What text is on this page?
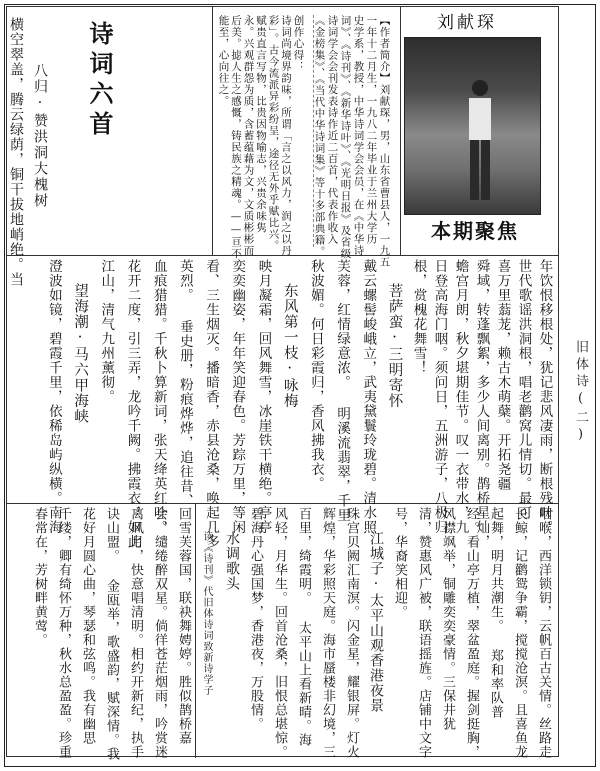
刘献琛
诗词六首
八归·赞洪洞大槐树
横空翠盖，腾云绿荫，铜干拔地峭绝。当	【作者简介】刘献琛，男，山东省曹县人，一九五
一年十二月生，一九八二年毕业于兰州大学历
史学系，教授，中华诗词学会会员，在《中华诗
词》、《诗刊》、《新华诗叶》、《光明日报》及省级
诗词学会会刊发表诗作近二百首，代表作收入
《金榜集》、《当代中华诗词集》等十多部典籍。
创作心得：
诗词尚境界韵味，所谓「言之以风力，润之以丹
彩」。古今流派异彩纷呈，途径无外乎赋比兴。
赋贵直言写物，比贵因物喻志，兴贵余味隽
永。兴观群怨为质，含蓄蕴藉为文，文质彬彬而
后美。摅人生之感慨，铸民族之精魂。——亘不
能至，心向往之。
年饮恨移根处，犹记悲风凄雨，断根残叶。
世代歌谣洪洞根，唱老鹳窝儿情切。最可
喜万里蓊茏，赖古木萌蘖。开拓尧疆
舜域，转蓬飘絮，多少人间离别。鹊桥星灿，
蟾宫月朗，秋夕堪期佳节。叹一衣带水，九
日登高海门咽。须问日，五洲游子，八极归
根，赏槐花舞雪！
菩萨蛮·三明寄怀
戴云螺髻峻峨立，武夷黛鬟玲珑碧。清水照
芙蓉，红情绿意浓。 明溪流翡翠，千里
秋波媚。何日彩霞归，香风拂我衣。
东风第一枝·咏梅
映月凝霜，回风舞雪，冰崖铁干横绝。亭亭
奕奕幽姿，年年笑迎春色。芳踪万里，等闲
看、三生烟灭。播暗香，赤县沧桑，唤起几多
英烈。 垂史册，粉痕烨烨，追往昔、
血痕猎猎。千秋卜算新词，张天绛英红叶。
花开二度，引三弄，龙吟千阙。拂霞衣，如此
江山，清气九州薰彻。
望海潮·马六甲海峡
澄波如镜，碧霞千里，依稀岛屿纵横。南海
咽喉，西洋锁钥，云帆百古关情。丝路走
长鲸，记鹳鸳争霸，搅搅沧溟。且喜鱼龙
起舞，明月共潮生。 郑和率队普
经。看山亭万植，翠盆盈庭。握剑挺胸，
风襟飒举，铜雕奕奕豪情。三保井犹
清，赞惠风广被，联语摇旌。店铺中文字
号，华裔笑相迎。
江城子·太平山观香港夜景
珠宫贝阙汇南溟。闪金星，耀银屏。灯火
辉煌，华彩照天庭。海市蜃楼非幻境，三
百里，绮霞明。 太平山上看新晴。海
风轻，月华生。回首沧桑，旧恨总堪惊。
碧海丹心强国梦，香港夜，万股情。
水调歌头
读《诗刊》代旧体诗词致新诗学子
回雪芙蓉国，联袂舞娉婷。胜似鹊桥嘉
会，缱绻醉双星。倘徉苍茫烟雨，吟赏迷
离风月，快意唱清明。相约开新纪，执手
诀山盟。 金瓯举，歌盛韵，赋深情。我
花好月圆心曲，琴瑟和弦鸣。我有幽思
千缕，卿有绮怀万种，秋水总盈盈。珍重
春常在，芳树畔黄莺。
本期聚焦
旧体诗(二)
